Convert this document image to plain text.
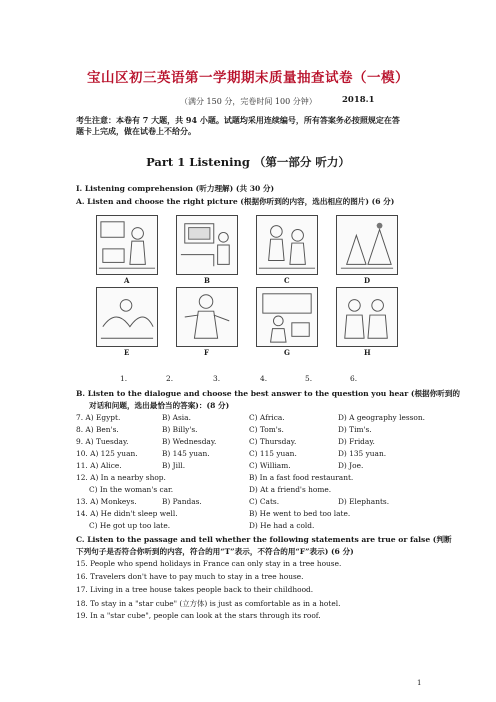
宝山区初三英语第一学期期末质量抽查试卷（一模）
（满分 150 分，完卷时间 100 分钟）	2018.1
考生注意：本卷有 7 大题，共 94 小题。试题均采用连续编号，所有答案务必按照规定在答
题卡上完成，做在试卷上不给分。
Part 1 Listening （第一部分 听力）
I. Listening comprehension (听力理解) (共 30 分)
A. Listen and choose the right picture (根据你听到的内容，选出相应的图片) (6 分)
A	B	C	D
E	F	G	H
1.	2.	3.	4.	5.	6.
B. Listen to the dialogue and choose the best answer to the question you hear (根据你听到的
对话和问题，选出最恰当的答案)：(8 分)
7. A) Egypt.	B) Asia.	C) Africa.	D) A geography lesson.
8. A) Ben's.	B) Billy's.	C) Tom's.	D) Tim's.
9. A) Tuesday.	B) Wednesday.	C) Thursday.	D) Friday.
10. A) 125 yuan.	B) 145 yuan.	C) 115 yuan.	D) 135 yuan.
11. A) Alice.	B) Jill.	C) William.	D) Joe.
12. A) In a nearby shop.	B) In a fast food restaurant.
C) In the woman's car.	D) At a friend's home.
13. A) Monkeys.	B) Pandas.	C) Cats.	D) Elephants.
14. A) He didn't sleep well.	B) He went to bed too late.
C) He got up too late.	D) He had a cold.
C. Listen to the passage and tell whether the following statements are true or false (判断
下列句子是否符合你听到的内容，符合的用“T”表示，不符合的用“F”表示) (6 分)
15. People who spend holidays in France can only stay in a tree house.
16. Travelers don't have to pay much to stay in a tree house.
17. Living in a tree house takes people back to their childhood.
18. To stay in a "star cube" (立方体) is just as comfortable as in a hotel.
19. In a "star cube", people can look at the stars through its roof.
1
